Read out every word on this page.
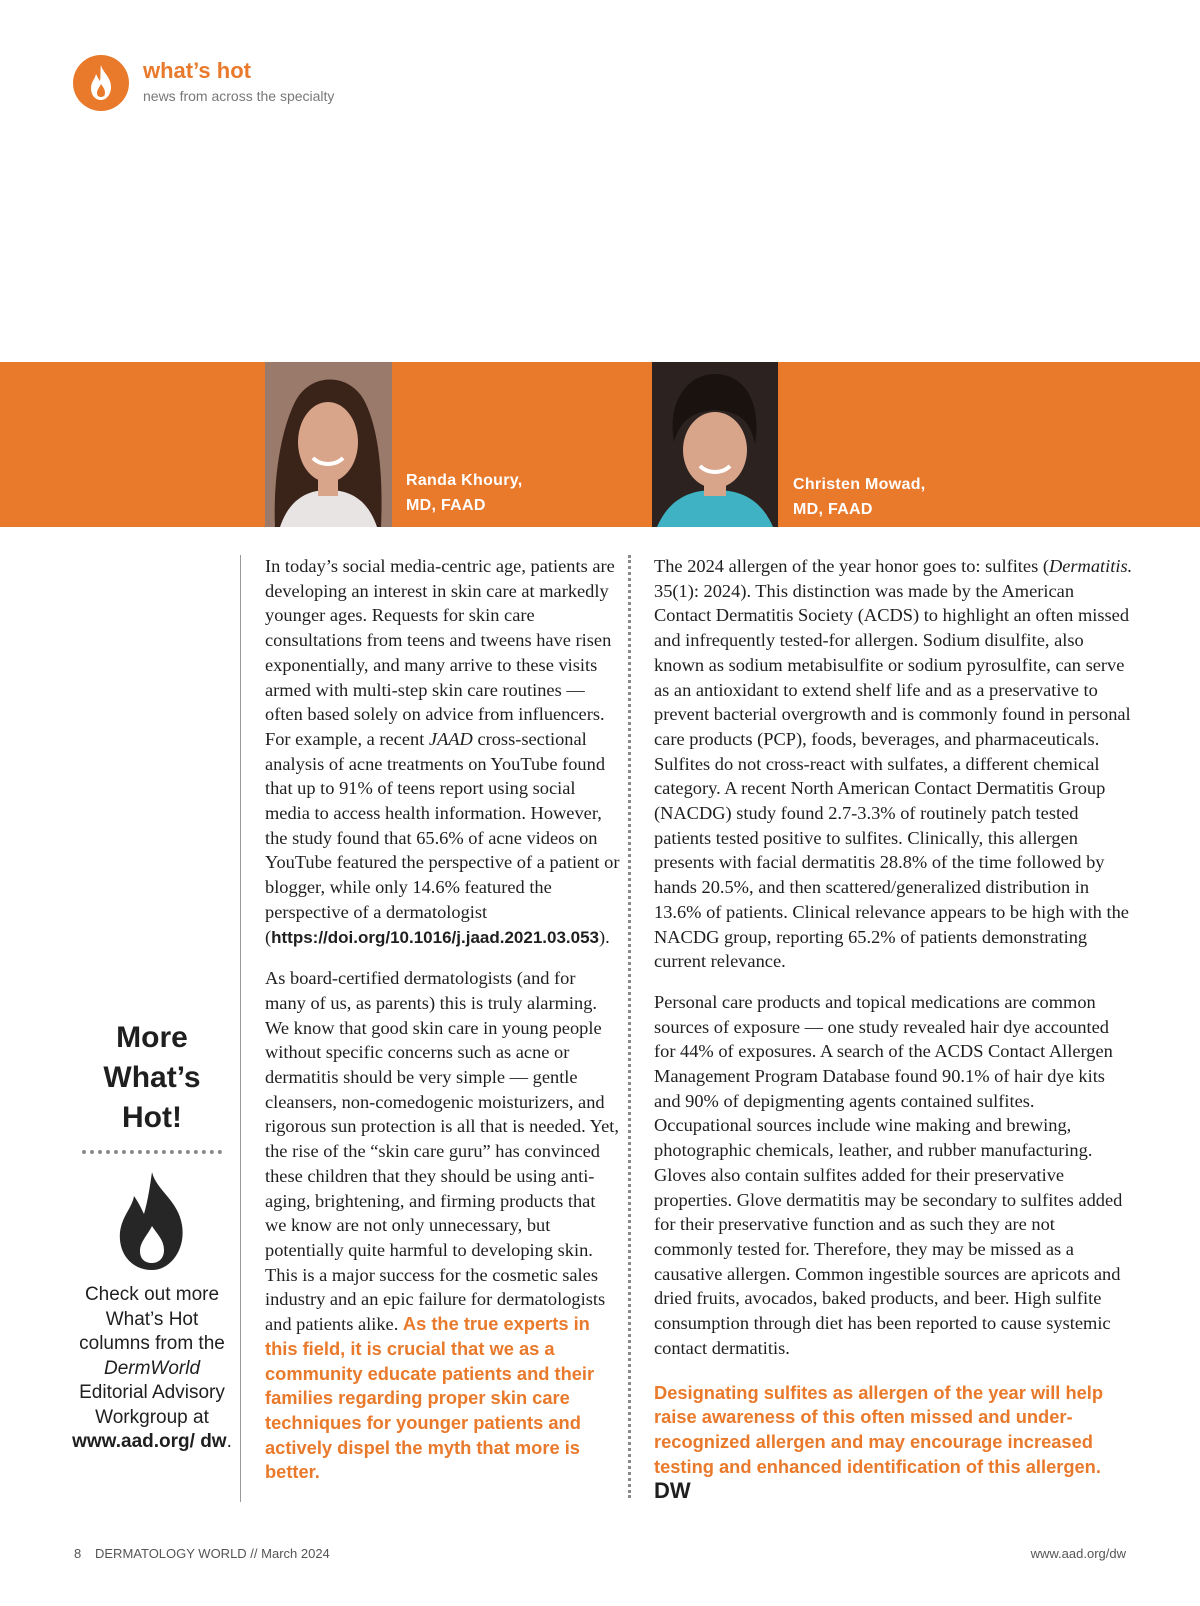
what’s hot
news from across the specialty
Randa Khoury,
MD, FAAD
Christen Mowad,
MD, FAAD
More
What’s
Hot!
Check out more What’s Hot columns from the DermWorld Editorial Advisory Workgroup at www.aad.org/ dw.

In today’s social media-centric age, patients are developing an interest in skin care at markedly younger ages. Requests for skin care consultations from teens and tweens have risen exponentially, and many arrive to these visits armed with multi-step skin care routines — often based solely on advice from influencers. For example, a recent JAAD cross-sectional analysis of acne treatments on YouTube found that up to 91% of teens report using social media to access health information. However, the study found that 65.6% of acne videos on YouTube featured the perspective of a patient or blogger, while only 14.6% featured the perspective of a dermatologist (https://doi.org/10.1016/j.jaad.2021.03.053).

As board-certified dermatologists (and for many of us, as parents) this is truly alarming. We know that good skin care in young people without specific concerns such as acne or dermatitis should be very simple — gentle cleansers, non-comedogenic moisturizers, and rigorous sun protection is all that is needed. Yet, the rise of the “skin care guru” has convinced these children that they should be using anti-aging, brightening, and firming products that we know are not only unnecessary, but potentially quite harmful to developing skin. This is a major success for the cosmetic sales industry and an epic failure for dermatologists and patients alike. As the true experts in this field, it is crucial that we as a community educate patients and their families regarding proper skin care techniques for younger patients and actively dispel the myth that more is better.

The 2024 allergen of the year honor goes to: sulfites (Dermatitis. 35(1): 2024). This distinction was made by the American Contact Dermatitis Society (ACDS) to highlight an often missed and infrequently tested-for allergen. Sodium disulfite, also known as sodium metabisulfite or sodium pyrosulfite, can serve as an antioxidant to extend shelf life and as a preservative to prevent bacterial overgrowth and is commonly found in personal care products (PCP), foods, beverages, and pharmaceuticals. Sulfites do not cross-react with sulfates, a different chemical category. A recent North American Contact Dermatitis Group (NACDG) study found 2.7-3.3% of routinely patch tested patients tested positive to sulfites. Clinically, this allergen presents with facial dermatitis 28.8% of the time followed by hands 20.5%, and then scattered/generalized distribution in 13.6% of patients. Clinical relevance appears to be high with the NACDG group, reporting 65.2% of patients demonstrating current relevance.

Personal care products and topical medications are common sources of exposure — one study revealed hair dye accounted for 44% of exposures. A search of the ACDS Contact Allergen Management Program Database found 90.1% of hair dye kits and 90% of depigmenting agents contained sulfites. Occupational sources include wine making and brewing, photographic chemicals, leather, and rubber manufacturing. Gloves also contain sulfites added for their preservative properties. Glove dermatitis may be secondary to sulfites added for their preservative function and as such they are not commonly tested for. Therefore, they may be missed as a causative allergen. Common ingestible sources are apricots and dried fruits, avocados, baked products, and beer. High sulfite consumption through diet has been reported to cause systemic contact dermatitis.

Designating sulfites as allergen of the year will help raise awareness of this often missed and under-recognized allergen and may encourage increased testing and enhanced identification of this allergen. DW

8 DERMATOLOGY WORLD // March 2024	www.aad.org/dw
